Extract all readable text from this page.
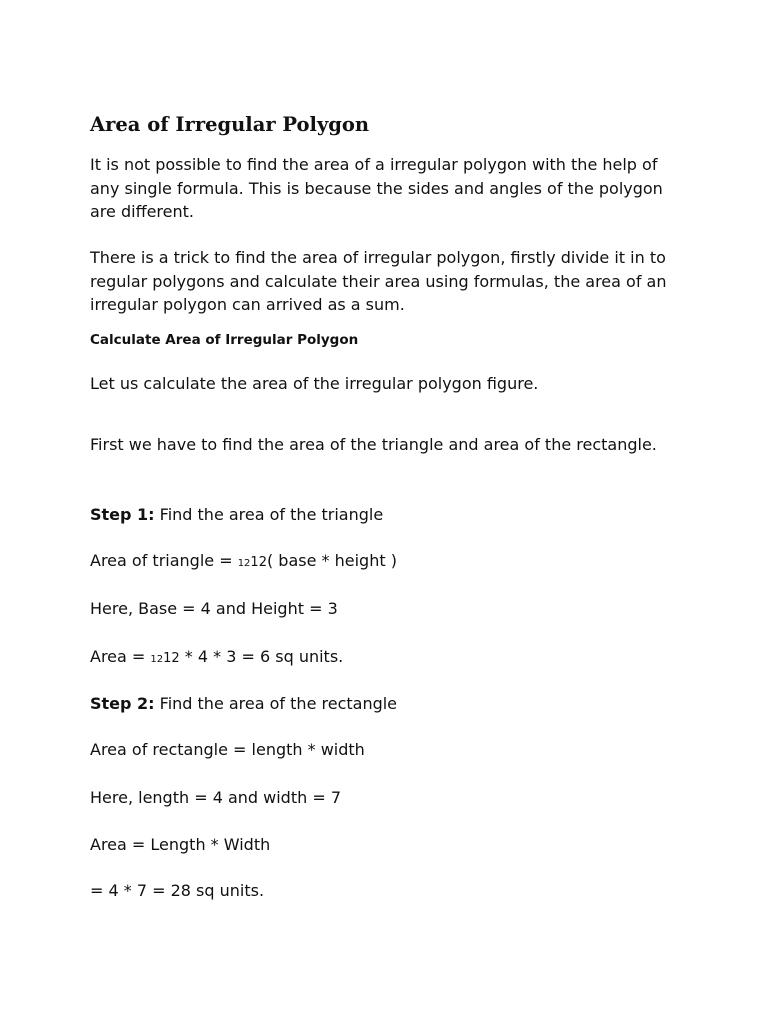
Area of Irregular Polygon

It is not possible to find the area of a irregular polygon with the help of any single formula. This is because the sides and angles of the polygon are different.

There is a trick to find the area of irregular polygon, firstly divide it in to regular polygons and calculate their area using formulas, the area of an irregular polygon can arrived as a sum.

Calculate Area of Irregular Polygon

Let us calculate the area of the irregular polygon figure.

First we have to find the area of the triangle and area of the rectangle.

Step 1: Find the area of the triangle

Area of triangle = 1212( base * height )

Here, Base = 4 and Height = 3

Area = 1212 * 4 * 3 = 6 sq units.

Step 2: Find the area of the rectangle

Area of rectangle = length * width

Here, length = 4 and width = 7

Area = Length * Width

= 4 * 7 = 28 sq units.
